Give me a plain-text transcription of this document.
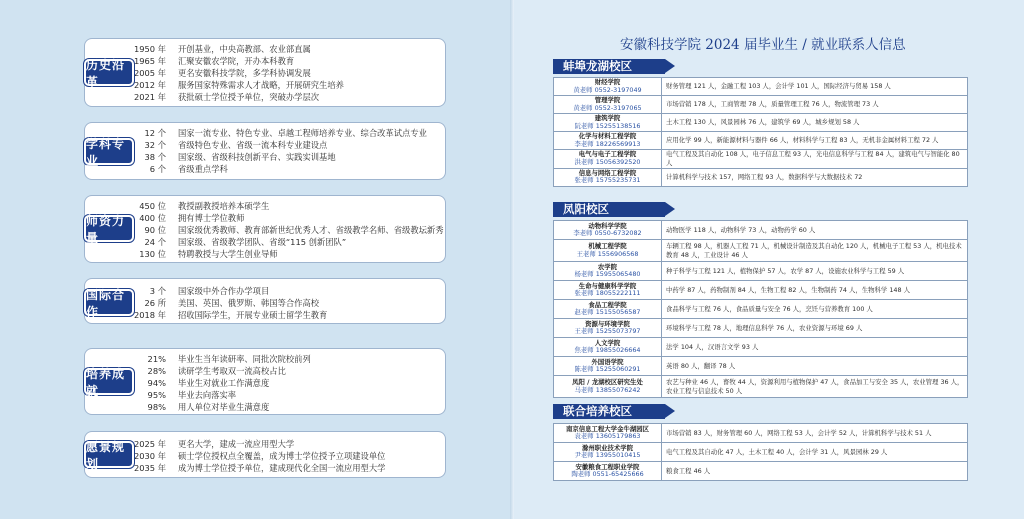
1950 年	开创基业，中央高教部、农业部直属
1965 年	汇聚安徽农学院，开办本科教育
2005 年	更名安徽科技学院，多学科协调发展
2012 年	服务国家特殊需求人才战略，开展研究生培养
2021 年	获批硕士学位授予单位，突破办学层次
历史沿革
12 个	国家一流专业、特色专业、卓越工程师培养专业、综合改革试点专业
32 个	省级特色专业、省级一流本科专业建设点
38 个	国家级、省级科技创新平台、实践实训基地
6 个	省级重点学科
学科专业
450 位	教授副教授培养本硕学生
400 位	拥有博士学位教师
90 位	国家级优秀教师、教育部新世纪优秀人才、省级教学名师、省级教坛新秀
24 个	国家级、省级教学团队、省级“115 创新团队”
130 位	特聘教授与大学生创业导师
师资力量
3 个	国家级中外合作办学项目
26 所	美国、英国、俄罗斯、韩国等合作高校
2018 年	招收国际学生，开展专业硕士留学生教育
国际合作
21%	毕业生当年读研率、同批次院校前列
28%	读研学生考取双一流高校占比
94%	毕业生对就业工作满意度
95%	毕业去向落实率
98%	用人单位对毕业生满意度
培养成就
2025 年	更名大学，建成一流应用型大学
2030 年	硕士学位授权点全覆盖，成为博士学位授予立项建设单位
2035 年	成为博士学位授予单位，建成现代化全国一流应用型大学
愿景规划
安徽科技学院 2024 届毕业生 / 就业联系人信息
蚌埠龙湖校区
财经学院
黄老师 0552-3197049	财务管理 121 人，金融工程 103 人，会计学 101 人，国际经济与贸易 158 人

管理学院
黄老师 0552-3197065	市场营销 178 人，工商管理 78 人，质量管理工程 76 人，物流管理 73 人

建筑学院
阮老师 15255138516	土木工程 130 人，风景园林 76 人，建筑学 69 人，城乡规划 58 人

化学与材料工程学院
李老师 18226569913	应用化学 99 人，新能源材料与器件 66 人，材料科学与工程 83 人，无机非金属材料工程 72 人

电气与电子工程学院
洪老师 15056392520	电气工程及其自动化 108 人，电子信息工程 93 人，光电信息科学与工程 84 人，建筑电气与智能化 80 人

信息与网络工程学院
张老师 15755235731	计算机科学与技术 157，网络工程 93 人，数据科学与大数据技术 72
凤阳校区
动物科学学院
李老师 0550-6732082	动物医学 118 人，动物科学 73 人，动物药学 60 人

机械工程学院
王老师 1556906568	车辆工程 98 人，机器人工程 71 人，机械设计制造及其自动化 120 人，机械电子工程 53 人，机电技术教育 48 人，工业设计 46 人

农学院
杨老师 15955065480	种子科学与工程 121 人，植物保护 57 人，农学 87 人，设施农业科学与工程 59 人

生命与健康科学学院
张老师 18055222111	中药学 87 人，药物制剂 84 人，生物工程 82 人，生物制药 74 人，生物科学 148 人

食品工程学院
赵老师 15155056587	食品科学与工程 76 人，食品质量与安全 76 人，烹饪与营养教育 100 人

资源与环境学院
王老师 15255073797	环境科学与工程 78 人，地理信息科学 76 人，农业资源与环境 69 人

人文学院
焦老师 19855026664	法学 104 人，汉语言文学 93 人

外国语学院
陈老师 15255060291	英语 80 人，翻译 78 人

凤阳 / 龙湖校区研究生处
马老师 13855076242	农艺与种业 46 人，畜牧 44 人，资源利用与植物保护 47 人，食品加工与安全 35 人，农业管理 36 人，农业工程与信息技术 50 人
联合培养校区
南京信息工程大学金牛湖园区
袁老师 13605179863	市场营销 83 人，财务管理 60 人，网络工程 53 人，会计学 52 人，计算机科学与技术 51 人

滁州职业技术学院
尹老师 13955010415	电气工程及其自动化 47 人，土木工程 40 人，会计学 31 人，风景园林 29 人

安徽粮食工程职业学院
陶老师 0551-65425666	粮食工程 46 人
